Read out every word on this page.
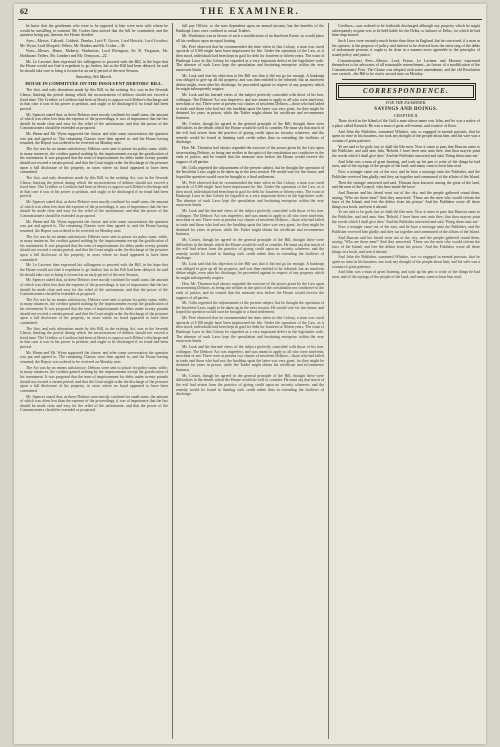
62	THE EXAMINER.

he knew that the gentlemen who were to be opposed to him were men with whom he would be unwilling to contend. Mr. Croker then moved that the bill be committed, and the question being put, thereon, the House divided:

Ayes—Messrs. Calcraft, Cobbett, Dundas, Lord F. Gower, Lord Howick, Lord Lowther, Mr. Wynn, Lord Morpeth. Tellers, Mr. Bankes and Mr. Croker—38.

Noes—Messrs. Hume, Maberly, Warburton, Lord Ebrington, Sir R. Ferguson, Mr. Hobhouse. Tellers, Mr. Lambert and Mr. Tennyson—22.

Mr. Le Lacester then expressed his willingness to proceed with the Bill, in the hope that the House would not find it expedient to go further; but as the Bill had been delayed, he said he should take care to bring it forward at an early period of the next Session.

Saturday, 9th March.

HOUSE IN COMMITTEE ON THE INSOLVENT DEBTORS' BILL.

The first, and only alterations made by this Bill, in the existing Act, was in the Seventh Clause, limiting the period during which the incarcerations of debtors should not exceed a fixed time. The Creditor or Creditors had been at liberty to oppose such Debtor's discharge and in that case it was in his power to petition, and ought to be discharged if no fraud had been proved.

Mr. Spencer stated that, as these Debtors were mostly confined for small sums, the amount of which was often less than the expense of the proceedings, it was of importance that the law should be made clear and easy for the relief of the unfortunate, and that the power of the Commissioners should be extended as proposed.

Mr. Hume and Mr. Wynn supported the clause; and after some conversation the question was put and agreed to. The remaining Clauses were then agreed to, and the House having resumed, the Report was ordered to be received on Monday next.

The Act was by no means satisfactory: Debtors were sent to prison for paltry sums, while, in many instances, the creditor gained nothing by the imprisonment except the gratification of his resentment. It was proposed that the term of imprisonment for debts under twenty pounds should not exceed a certain period, and that the Court might order the discharge of the prisoner upon a full disclosure of his property, in cases where no fraud appeared to have been committed.

The first, and only alterations made by this Bill, in the existing Act, was in the Seventh Clause, limiting the period during which the incarcerations of debtors should not exceed a fixed time. The Creditor or Creditors had been at liberty to oppose such Debtor's discharge and in that case it was in his power to petition, and ought to be discharged if no fraud had been proved.

Mr. Spencer stated that, as these Debtors were mostly confined for small sums, the amount of which was often less than the expense of the proceedings, it was of importance that the law should be made clear and easy for the relief of the unfortunate, and that the power of the Commissioners should be extended as proposed.

Mr. Hume and Mr. Wynn supported the clause; and after some conversation the question was put and agreed to. The remaining Clauses were then agreed to, and the House having resumed, the Report was ordered to be received on Monday next.

The Act was by no means satisfactory: Debtors were sent to prison for paltry sums, while, in many instances, the creditor gained nothing by the imprisonment except the gratification of his resentment. It was proposed that the term of imprisonment for debts under twenty pounds should not exceed a certain period, and that the Court might order the discharge of the prisoner upon a full disclosure of his property, in cases where no fraud appeared to have been committed.

Mr. Le Lacester then expressed his willingness to proceed with the Bill, in the hope that the House would not find it expedient to go further; but as the Bill had been delayed, he said he should take care to bring it forward at an early period of the next Session.

Mr. Spencer stated that, as these Debtors were mostly confined for small sums, the amount of which was often less than the expense of the proceedings, it was of importance that the law should be made clear and easy for the relief of the unfortunate, and that the power of the Commissioners should be extended as proposed.

The Act was by no means satisfactory: Debtors were sent to prison for paltry sums, while, in many instances, the creditor gained nothing by the imprisonment except the gratification of his resentment. It was proposed that the term of imprisonment for debts under twenty pounds should not exceed a certain period, and that the Court might order the discharge of the prisoner upon a full disclosure of his property, in cases where no fraud appeared to have been committed.

The first, and only alterations made by this Bill, in the existing Act, was in the Seventh Clause, limiting the period during which the incarcerations of debtors should not exceed a fixed time. The Creditor or Creditors had been at liberty to oppose such Debtor's discharge and in that case it was in his power to petition, and ought to be discharged if no fraud had been proved.

Mr. Hume and Mr. Wynn supported the clause; and after some conversation the question was put and agreed to. The remaining Clauses were then agreed to, and the House having resumed, the Report was ordered to be received on Monday next.

The Act was by no means satisfactory: Debtors were sent to prison for paltry sums, while, in many instances, the creditor gained nothing by the imprisonment except the gratification of his resentment. It was proposed that the term of imprisonment for debts under twenty pounds should not exceed a certain period, and that the Court might order the discharge of the prisoner upon a full disclosure of his property, in cases where no fraud appeared to have been committed.

Mr. Spencer stated that, as these Debtors were mostly confined for small sums, the amount of which was often less than the expense of the proceedings, it was of importance that the law should be made clear and easy for the relief of the unfortunate, and that the power of the Commissioners should be extended as proposed.

full pay Officer, or the sum dependent upon an annual income; but the benefits of the Bankrupt Laws were confined to actual Traders.

Mr. Warburton was in favour of such a modification of an Insolvent Estate, as would place all his creditors upon an equal footing.

Mr. Peel observed that he recommended the time when in this Colony, a man was owed upwards of £100 might have been imprisoned for life. Under the operation of the Law, as it then stood, individuals had been kept in gaol for debt for fourteen or fifteen years. The want of Bankrupt Laws in this Colony he regarded as a very important defect in the legislative code. The absence of such Laws kept the speculation and hesitating enterprise within the very narrowest limits.

Mr. Lusk said that his objection to the Bill was that it did not go far enough. A bankrupt was obliged to give up all his property, and was then entitled to be released; but an insolvent debtor might, even after his discharge, be proceeded against in respect of any property which he might subsequently acquire.

Mr. Lusk and his learned views of the subject perfectly coincided with those of his hon. colleague. The Debtors' Act was imperfect, and was meant to apply to all who were insolvent, merchant or not. There were at present two classes of insolvent Debtors—those who had failed in trade and those who had not; the hardship upon the latter was very great, for they might be detained for years in prison, while the Trader might obtain his certificate and recommence business.

Mr. Croker, though he agreed in the general principle of the Bill, thought there were difficulties in the details which the House would do well to consider. He must say that much of the evil had arisen from the practice of giving credit upon no security whatever, and the remedy would be found in limiting such credit rather than in extending the facilities of discharge.

Hon. Mr. Thomson had always regarded the exercise of the power given by the Law upon incarcerating Debtors, as being one neither in the spirit of the constitution nor conducive to the ends of justice; and he trusted that the measure now before the House would receive the support of all parties.

Mr. Colla regretted the adjournment of the present subject, but he thought the operation of the Insolvent Laws ought to be taken up in the next session. He would vote for the clause, and hoped the question would soon be brought to a final settlement.

Mr. Peel observed that he recommended the time when in this Colony, a man was owed upwards of £100 might have been imprisoned for life. Under the operation of the Law, as it then stood, individuals had been kept in gaol for debt for fourteen or fifteen years. The want of Bankrupt Laws in this Colony he regarded as a very important defect in the legislative code. The absence of such Laws kept the speculation and hesitating enterprise within the very narrowest limits.

Mr. Lusk and his learned views of the subject perfectly coincided with those of his hon. colleague. The Debtors' Act was imperfect, and was meant to apply to all who were insolvent, merchant or not. There were at present two classes of insolvent Debtors—those who had failed in trade and those who had not; the hardship upon the latter was very great, for they might be detained for years in prison, while the Trader might obtain his certificate and recommence business.

Mr. Croker, though he agreed in the general principle of the Bill, thought there were difficulties in the details which the House would do well to consider. He must say that much of the evil had arisen from the practice of giving credit upon no security whatever, and the remedy would be found in limiting such credit rather than in extending the facilities of discharge.

Mr. Lusk said that his objection to the Bill was that it did not go far enough. A bankrupt was obliged to give up all his property, and was then entitled to be released; but an insolvent debtor might, even after his discharge, be proceeded against in respect of any property which he might subsequently acquire.

Hon. Mr. Thomson had always regarded the exercise of the power given by the Law upon incarcerating Debtors, as being one neither in the spirit of the constitution nor conducive to the ends of justice; and he trusted that the measure now before the House would receive the support of all parties.

Mr. Colla regretted the adjournment of the present subject, but he thought the operation of the Insolvent Laws ought to be taken up in the next session. He would vote for the clause, and hoped the question would soon be brought to a final settlement.

Mr. Peel observed that he recommended the time when in this Colony, a man was owed upwards of £100 might have been imprisoned for life. Under the operation of the Law, as it then stood, individuals had been kept in gaol for debt for fourteen or fifteen years. The want of Bankrupt Laws in this Colony he regarded as a very important defect in the legislative code. The absence of such Laws kept the speculation and hesitating enterprise within the very narrowest limits.

Mr. Lusk and his learned views of the subject perfectly coincided with those of his hon. colleague. The Debtors' Act was imperfect, and was meant to apply to all who were insolvent, merchant or not. There were at present two classes of insolvent Debtors—those who had failed in trade and those who had not; the hardship upon the latter was very great, for they might be detained for years in prison, while the Trader might obtain his certificate and recommence business.

Mr. Croker, though he agreed in the general principle of the Bill, thought there were difficulties in the details which the House would do well to consider. He must say that much of the evil had arisen from the practice of giving credit upon no security whatever, and the remedy would be found in limiting such credit rather than in extending the facilities of discharge.

Creditors—was ordered to be forthwith discharged although any property which he might subsequently acquire was to be held liable for the Debts, or balance of Debts, for which he had been imprisoned.

Such Laws were certainly much better than those in England, but he conceived, if a man in his opinion, is the purpose of policy and interest to be derived from the enforcing of the debts of unfortunate persons, it ought to be done in a manner more agreeable to the principles of sound policy and justice.

Commissioners Fees—Messrs. Lord, Fraser, Le Lacheur and Mooney expressed themselves to be advocates of all reasonable retrenchment—in favour of a modification of the Commissioners' Fees. The Clause was adopted with some amendment, and the old Resolution was carried—the Bill to be read a second time on Monday.

CORRESPONDENCE.

FOR THE EXAMINER.

SAYINGS AND DOINGS.

CHAPTER II.

There dwelt in the Island of the Gulf a man whose name was John, and he was a native of a place called Kenrick. He was a man of great self-esteem, and a native of Kent.

And John the Publisher, surnamed Whisker, was so engaged in mental pursuits, that he spent no time in his business, nor took any thought of the people about him; and his wife was a woman of great patience.

Ye are said to be gods, but ye shall die like men. Now it came to pass that Duncan came to the Publisher, and said unto him, 'Behold, I have been sent unto thee, that thou mayest print the words which I shall give thee.' And the Publisher answered and said, 'Bring them unto me.'

And John was a man of great learning, and took up his pen to write of the things he had seen, and of the sayings of the people of the land; and many came to hear him read.

Now a stranger came out of the east, and he bore a message unto the Publisher, and the Publisher received him gladly; and they sat together and communed of the affairs of the Island.

Then the stranger answered and said, 'Duncan thou knowest among the great of the land, and the men of the Council, who have made the laws.'

And Duncan and his friend went out of the city, and the people gathered round them, saying, 'Who are these men?' And they answered, 'These are the men who would reform the laws of the Island, and free the debtor from his prison.' And the Publisher wrote all these things in a book, and sent it abroad.

Ye are said to be gods, but ye shall die like men. Now it came to pass that Duncan came to the Publisher, and said unto him, 'Behold, I have been sent unto thee, that thou mayest print the words which I shall give thee.' And the Publisher answered and said, 'Bring them unto me.'

Now a stranger came out of the east, and he bore a message unto the Publisher, and the Publisher received him gladly; and they sat together and communed of the affairs of the Island.

And Duncan and his friend went out of the city, and the people gathered round them, saying, 'Who are these men?' And they answered, 'These are the men who would reform the laws of the Island, and free the debtor from his prison.' And the Publisher wrote all these things in a book, and sent it abroad.

And John the Publisher, surnamed Whisker, was so engaged in mental pursuits, that he spent no time in his business, nor took any thought of the people about him; and his wife was a woman of great patience.

And John was a man of great learning, and took up his pen to write of the things he had seen, and of the sayings of the people of the land; and many came to hear him read.
